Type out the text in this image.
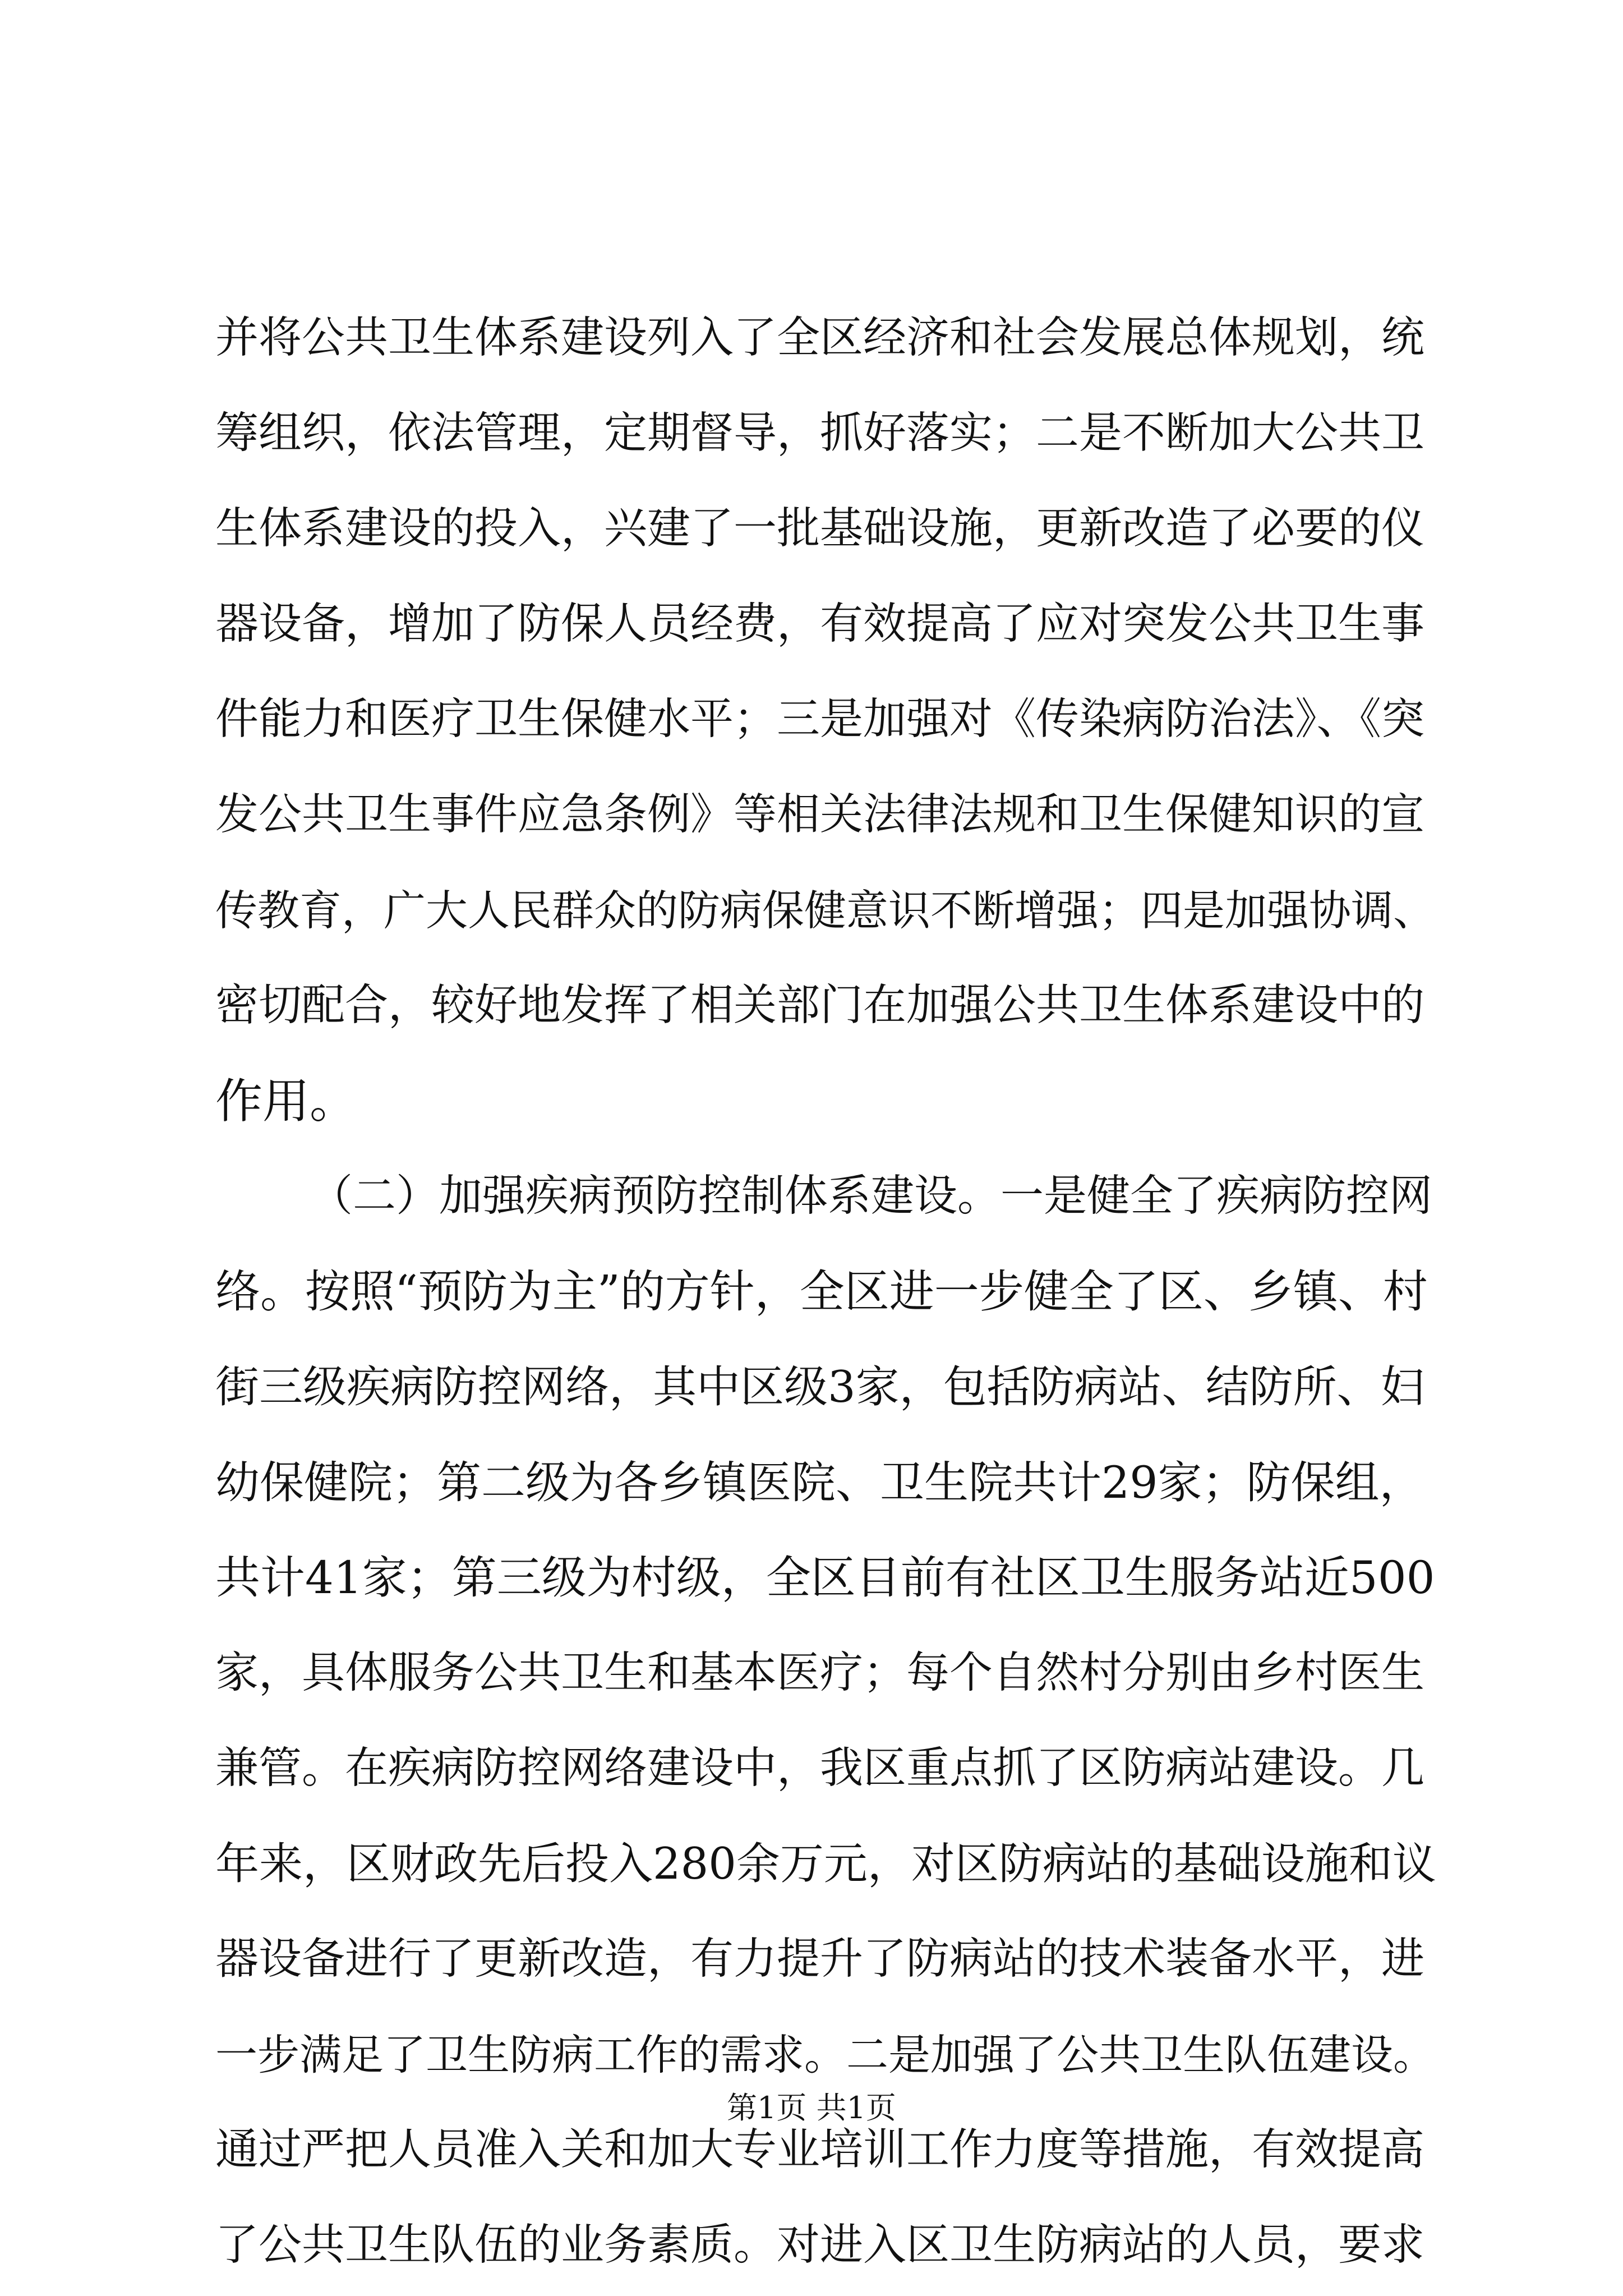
并将公共卫生体系建设列入了全区经济和社会发展总体规划，统
筹组织，依法管理，定期督导，抓好落实；二是不断加大公共卫
生体系建设的投入，兴建了一批基础设施，更新改造了必要的仪
器设备，增加了防保人员经费，有效提高了应对突发公共卫生事
件能力和医疗卫生保健水平；三是加强对《传染病防治法》、《突
发公共卫生事件应急条例》等相关法律法规和卫生保健知识的宣
传教育，广大人民群众的防病保健意识不断增强；四是加强协调、
密切配合，较好地发挥了相关部门在加强公共卫生体系建设中的
作用。
（二）加强疾病预防控制体系建设。一是健全了疾病防控网
络。按照“预防为主”的方针，全区进一步健全了区、乡镇、村
街三级疾病防控网络，其中区级3家，包括防病站、结防所、妇
幼保健院；第二级为各乡镇医院、卫生院共计29家；防保组，
共计41家；第三级为村级，全区目前有社区卫生服务站近500
家，具体服务公共卫生和基本医疗；每个自然村分别由乡村医生
兼管。在疾病防控网络建设中，我区重点抓了区防病站建设。几
年来，区财政先后投入280余万元，对区防病站的基础设施和议
器设备进行了更新改造，有力提升了防病站的技术装备水平，进
一步满足了卫生防病工作的需求。二是加强了公共卫生队伍建设。
通过严把人员准入关和加大专业培训工作力度等措施，有效提高
了公共卫生队伍的业务素质。对进入区卫生防病站的人员，要求
第1页 共1页
